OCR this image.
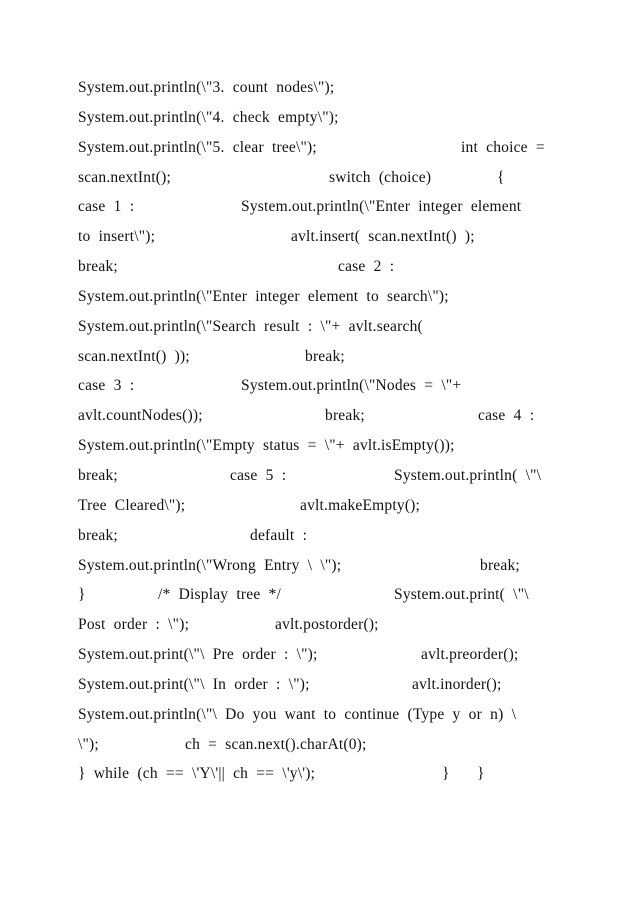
System.out.println(\"3.  count  nodes\");

System.out.println(\"4.  check  empty\");

System.out.println(\"5.  clear  tree\");

	int  choice  =

scan.nextInt();

	switch  (choice)

	{

case  1  :

	System.out.println(\"Enter  integer  element

to  insert\");

	avlt.insert(  scan.nextInt()  );

break;

	case  2  :

System.out.println(\"Enter  integer  element  to  search\");

System.out.println(\"Search  result  :  \"+  avlt.search(

scan.nextInt()  ));

	break;

case  3  :

	System.out.println(\"Nodes  =  \"+

avlt.countNodes());

	break;

	case  4  :

System.out.println(\"Empty  status  =  \"+  avlt.isEmpty());

break;

	case  5  :

	System.out.println(  \"\

Tree  Cleared\");

	avlt.makeEmpty();

break;

	default  :

System.out.println(\"Wrong  Entry  \  \");

	break;

}

	/*  Display  tree  */

	System.out.print(  \"\

Post  order  :  \");

	avlt.postorder();

System.out.print(\"\  Pre  order  :  \");

	avlt.preorder();

System.out.print(\"\  In  order  :  \");

	avlt.inorder();

System.out.println(\"\  Do  you  want  to  continue  (Type  y  or  n)  \

\");

	ch  =  scan.next().charAt(0);

}  while  (ch  ==  \'Y\'||  ch  ==  \'y\');

	}

}
